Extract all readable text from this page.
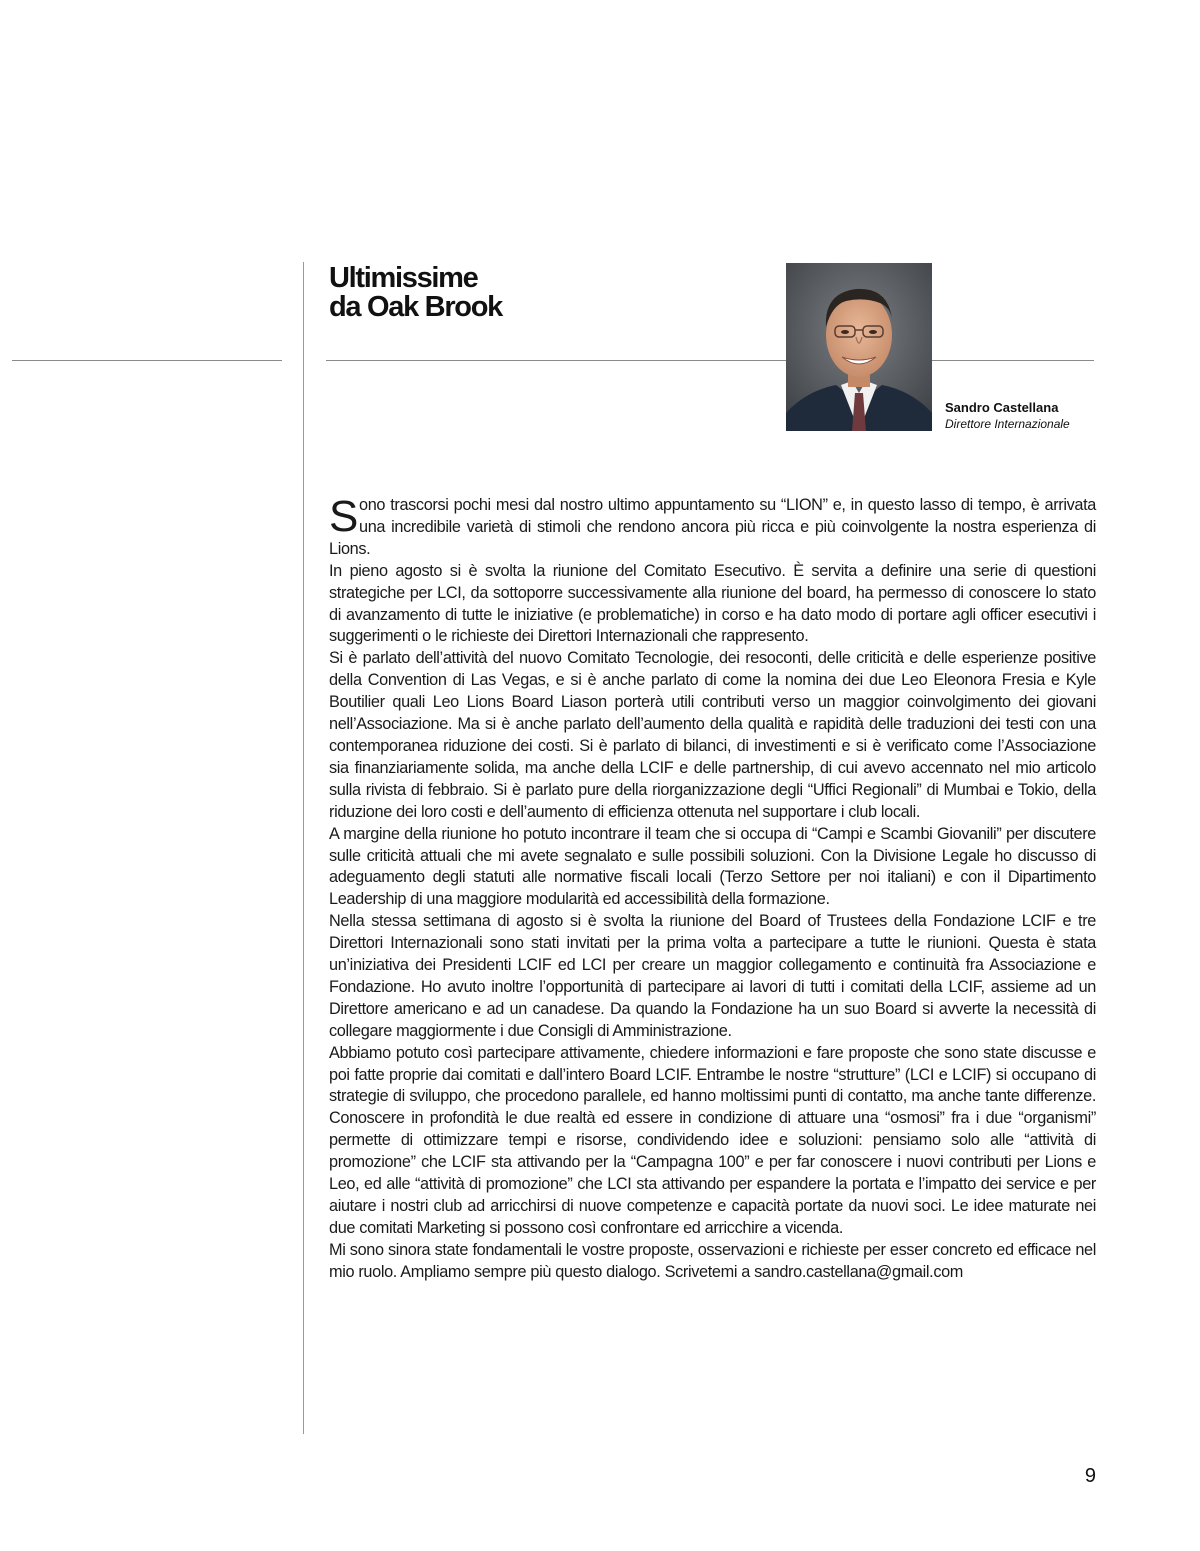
Ultimissime
da Oak Brook
Sandro Castellana
Direttore Internazionale

Sono trascorsi pochi mesi dal nostro ultimo appuntamento su “LION” e, in questo lasso di tempo, è arrivata una incredibile varietà di stimoli che rendono ancora più ricca e più coinvolgente la nostra esperienza di Lions.

In pieno agosto si è svolta la riunione del Comitato Esecutivo. È servita a definire una serie di questioni strategiche per LCI, da sottoporre successivamente alla riunione del board, ha permesso di conoscere lo stato di avanzamento di tutte le iniziative (e problematiche) in corso e ha dato modo di portare agli officer esecutivi i suggerimenti o le richieste dei Direttori Internazionali che rappresento.

Si è parlato dell’attività del nuovo Comitato Tecnologie, dei resoconti, delle criticità e delle esperienze positive della Convention di Las Vegas, e si è anche parlato di come la nomina dei due Leo Eleonora Fresia e Kyle Boutilier quali Leo Lions Board Liason porterà utili contributi verso un maggior coinvolgimento dei giovani nell’Associazione. Ma si è anche parlato dell’aumento della qualità e rapidità delle traduzioni dei testi con una contemporanea riduzione dei costi. Si è parlato di bilanci, di investimenti e si è verificato come l’Associazione sia finanziariamente solida, ma anche della LCIF e delle partnership, di cui avevo accennato nel mio articolo sulla rivista di febbraio. Si è parlato pure della riorganizzazione degli “Uffici Regionali” di Mumbai e Tokio, della riduzione dei loro costi e dell’aumento di efficienza ottenuta nel supportare i club locali.

A margine della riunione ho potuto incontrare il team che si occupa di “Campi e Scambi Giovanili” per discutere sulle criticità attuali che mi avete segnalato e sulle possibili soluzioni. Con la Divisione Legale ho discusso di adeguamento degli statuti alle normative fiscali locali (Terzo Settore per noi italiani) e con il Dipartimento Leadership di una maggiore modularità ed accessibilità della formazione.

Nella stessa settimana di agosto si è svolta la riunione del Board of Trustees della Fondazione LCIF e tre Direttori Internazionali sono stati invitati per la prima volta a partecipare a tutte le riunioni. Questa è stata un’iniziativa dei Presidenti LCIF ed LCI per creare un maggior collegamento e continuità fra Associazione e Fondazione. Ho avuto inoltre l’opportunità di partecipare ai lavori di tutti i comitati della LCIF, assieme ad un Direttore americano e ad un canadese. Da quando la Fondazione ha un suo Board si avverte la necessità di collegare maggiormente i due Consigli di Amministrazione.

Abbiamo potuto così partecipare attivamente, chiedere informazioni e fare proposte che sono state discusse e poi fatte proprie dai comitati e dall’intero Board LCIF. Entrambe le nostre “strutture” (LCI e LCIF) si occupano di strategie di sviluppo, che procedono parallele, ed hanno moltissimi punti di contatto, ma anche tante differenze. Conoscere in profondità le due realtà ed essere in condizione di attuare una “osmosi” fra i due “organismi” permette di ottimizzare tempi e risorse, condividendo idee e soluzioni: pensiamo solo alle “attività di promozione” che LCIF sta attivando per la “Campagna 100” e per far conoscere i nuovi contributi per Lions e Leo, ed alle “attività di promozione” che LCI sta attivando per espandere la portata e l’impatto dei service e per aiutare i nostri club ad arricchirsi di nuove competenze e capacità portate da nuovi soci. Le idee maturate nei due comitati Marketing si possono così confrontare ed arricchire a vicenda.

Mi sono sinora state fondamentali le vostre proposte, osservazioni e richieste per esser concreto ed efficace nel mio ruolo. Ampliamo sempre più questo dialogo. Scrivetemi a sandro.castellana@gmail.com

9
